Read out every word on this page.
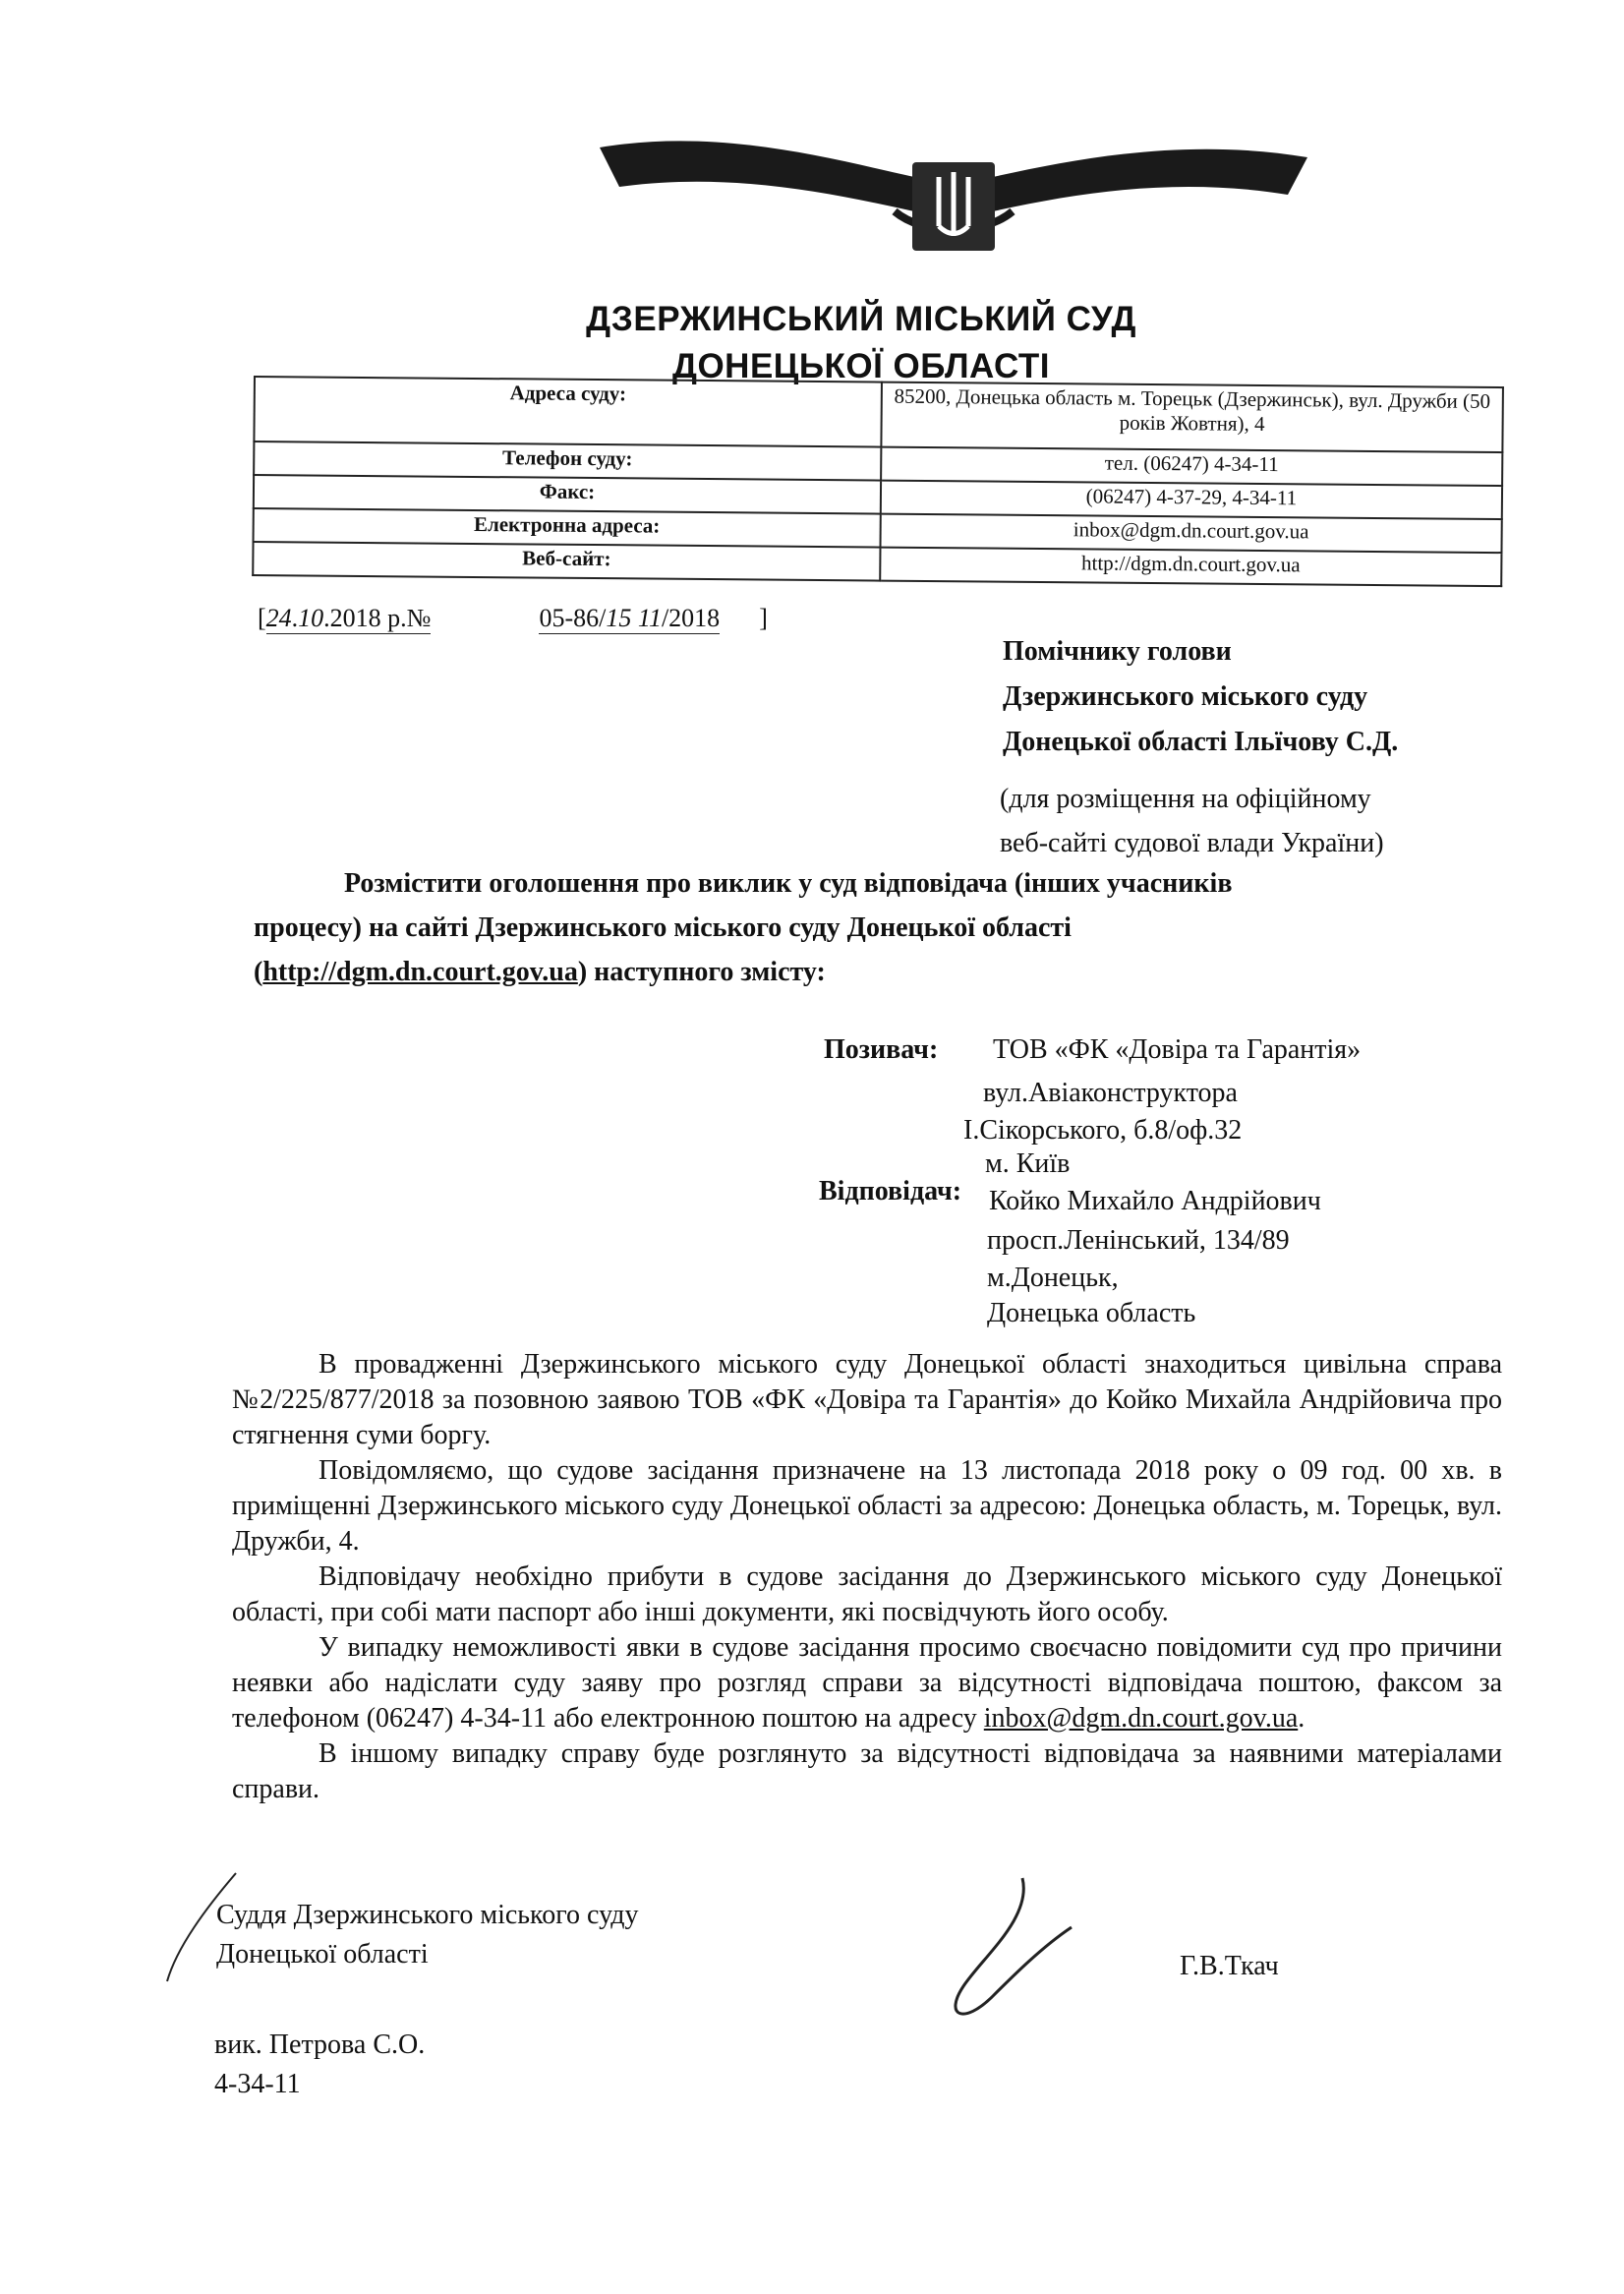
ДЗЕРЖИНСЬКИЙ МІСЬКИЙ СУД
ДОНЕЦЬКОЇ ОБЛАСТІ
Адреса суду:	85200, Донецька область м. Торецьк (Дзержинськ), вул. Дружби (50 років Жовтня), 4
Телефон суду:	тел. (06247) 4-34-11
Факс:	(06247) 4-37-29, 4-34-11
Електронна адреса:	inbox@dgm.dn.court.gov.ua
Веб-сайт:	http://dgm.dn.court.gov.ua
[24.10.2018 р.№	05-86/15 11/2018 ]
Помічнику голови
Дзержинського міського суду
Донецької області Ільїчову С.Д.
(для розміщення на офіційному
веб-сайті судової влади України)
Розмістити оголошення про виклик у суд відповідача (інших учасників
процесу) на сайті Дзержинського міського суду Донецької області
(http://dgm.dn.court.gov.ua) наступного змісту:
Позивач: ТОВ «ФК «Довіра та Гарантія»
вул.Авіаконструктора
І.Сікорського, б.8/оф.32
м. Київ
Відповідач: Койко Михайло Андрійович
просп.Ленінський, 134/89
м.Донецьк,
Донецька область

В провадженні Дзержинського міського суду Донецької області знаходиться цивільна справа №2/225/877/2018 за позовною заявою ТОВ «ФК «Довіра та Гарантія» до Койко Михайла Андрійовича про стягнення суми боргу.

Повідомляємо, що судове засідання призначене на 13 листопада 2018 року о 09 год. 00 хв. в приміщенні Дзержинського міського суду Донецької області за адресою: Донецька область, м. Торецьк, вул. Дружби, 4.

Відповідачу необхідно прибути в судове засідання до Дзержинського міського суду Донецької області, при собі мати паспорт або інші документи, які посвідчують його особу.

У випадку неможливості явки в судове засідання просимо своєчасно повідомити суд про причини неявки або надіслати суду заяву про розгляд справи за відсутності відповідача поштою, факсом за телефоном (06247) 4-34-11 або електронною поштою на адресу inbox@dgm.dn.court.gov.ua.

В іншому випадку справу буде розглянуто за відсутності відповідача за наявними матеріалами справи.

Суддя Дзержинського міського суду
Донецької області	Г.В.Ткач
вик. Петрова С.О.
4-34-11
